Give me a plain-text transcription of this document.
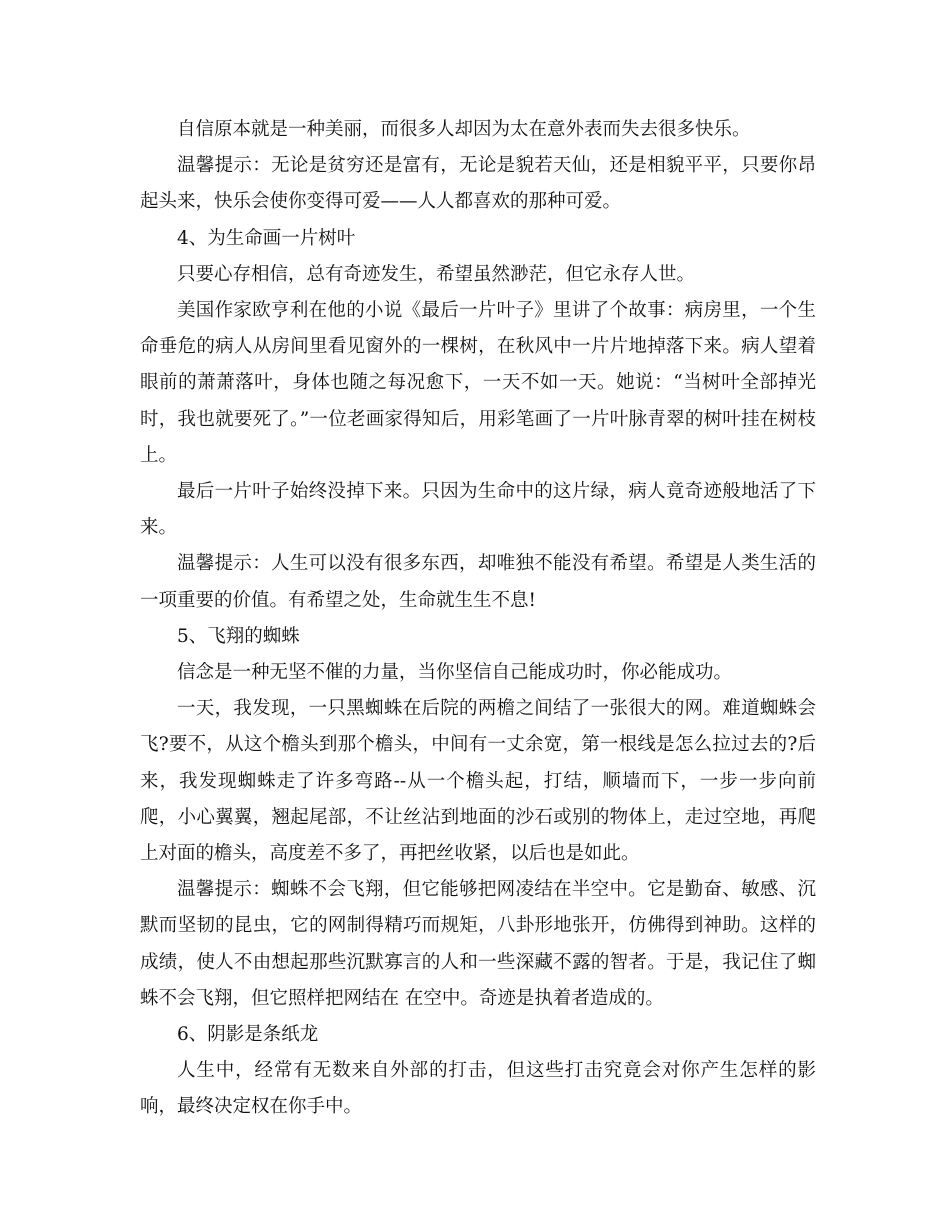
自信原本就是一种美丽，而很多人却因为太在意外表而失去很多快乐。

温馨提示：无论是贫穷还是富有，无论是貌若天仙，还是相貌平平，只要你昂起头来，快乐会使你变得可爱——人人都喜欢的那种可爱。

4、为生命画一片树叶

只要心存相信，总有奇迹发生，希望虽然渺茫，但它永存人世。

美国作家欧亨利在他的小说《最后一片叶子》里讲了个故事：病房里，一个生命垂危的病人从房间里看见窗外的一棵树，在秋风中一片片地掉落下来。病人望着眼前的萧萧落叶，身体也随之每况愈下，一天不如一天。她说：“当树叶全部掉光时，我也就要死了。”一位老画家得知后，用彩笔画了一片叶脉青翠的树叶挂在树枝上。

最后一片叶子始终没掉下来。只因为生命中的这片绿，病人竟奇迹般地活了下来。

温馨提示：人生可以没有很多东西，却唯独不能没有希望。希望是人类生活的一项重要的价值。有希望之处，生命就生生不息!

5、飞翔的蜘蛛

信念是一种无坚不催的力量，当你坚信自己能成功时，你必能成功。

一天，我发现，一只黑蜘蛛在后院的两檐之间结了一张很大的网。难道蜘蛛会飞?要不，从这个檐头到那个檐头，中间有一丈余宽，第一根线是怎么拉过去的?后来，我发现蜘蛛走了许多弯路--从一个檐头起，打结，顺墙而下，一步一步向前爬，小心翼翼，翘起尾部，不让丝沾到地面的沙石或别的物体上，走过空地，再爬上对面的檐头，高度差不多了，再把丝收紧，以后也是如此。

温馨提示：蜘蛛不会飞翔，但它能够把网凌结在半空中。它是勤奋、敏感、沉默而坚韧的昆虫，它的网制得精巧而规矩，八卦形地张开，仿佛得到神助。这样的成绩，使人不由想起那些沉默寡言的人和一些深藏不露的智者。于是，我记住了蜘蛛不会飞翔，但它照样把网结在 在空中。奇迹是执着者造成的。

6、阴影是条纸龙

人生中，经常有无数来自外部的打击，但这些打击究竟会对你产生怎样的影响，最终决定权在你手中。
